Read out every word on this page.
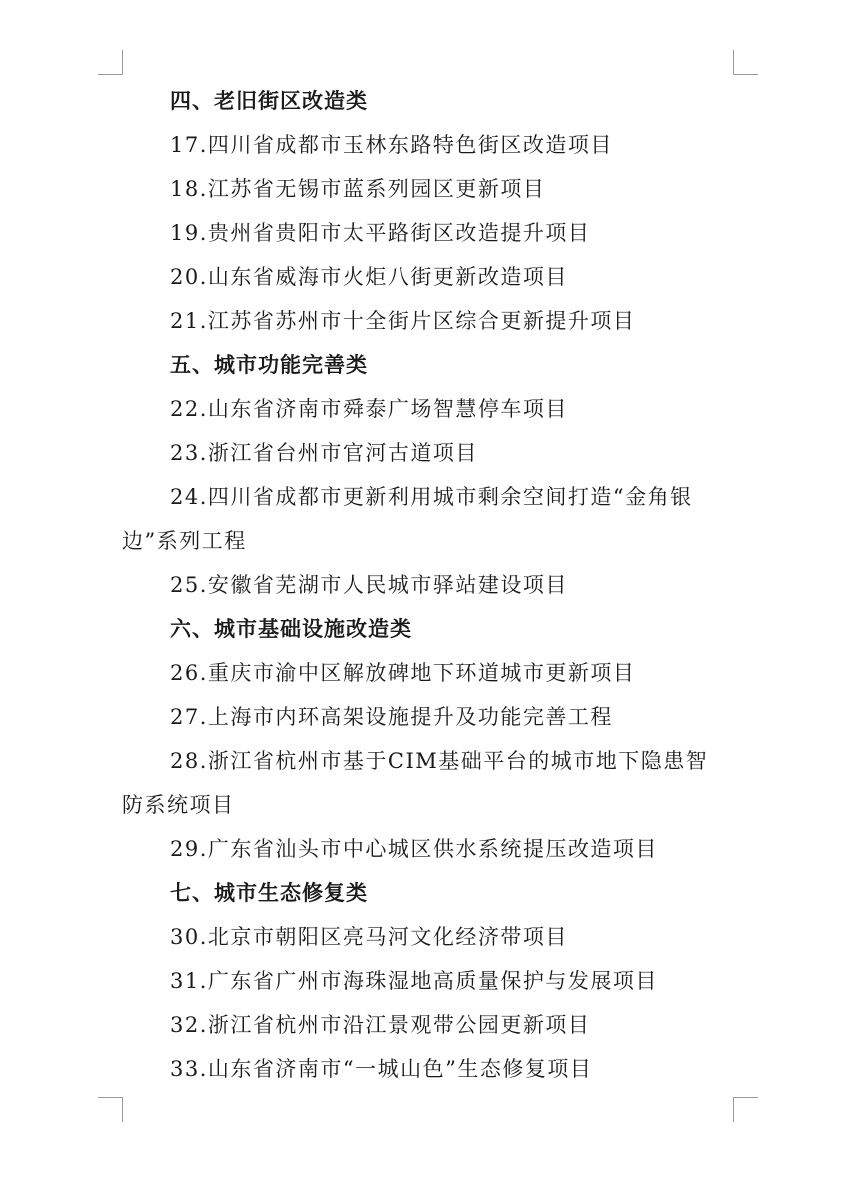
四、老旧街区改造类
17.四川省成都市玉林东路特色街区改造项目
18.江苏省无锡市蓝系列园区更新项目
19.贵州省贵阳市太平路街区改造提升项目
20.山东省威海市火炬八街更新改造项目
21.江苏省苏州市十全街片区综合更新提升项目
五、城市功能完善类
22.山东省济南市舜泰广场智慧停车项目
23.浙江省台州市官河古道项目
24.四川省成都市更新利用城市剩余空间打造“金角银
边”系列工程
25.安徽省芜湖市人民城市驿站建设项目
六、城市基础设施改造类
26.重庆市渝中区解放碑地下环道城市更新项目
27.上海市内环高架设施提升及功能完善工程
28.浙江省杭州市基于CIM基础平台的城市地下隐患智
防系统项目
29.广东省汕头市中心城区供水系统提压改造项目
七、城市生态修复类
30.北京市朝阳区亮马河文化经济带项目
31.广东省广州市海珠湿地高质量保护与发展项目
32.浙江省杭州市沿江景观带公园更新项目
33.山东省济南市“一城山色”生态修复项目
